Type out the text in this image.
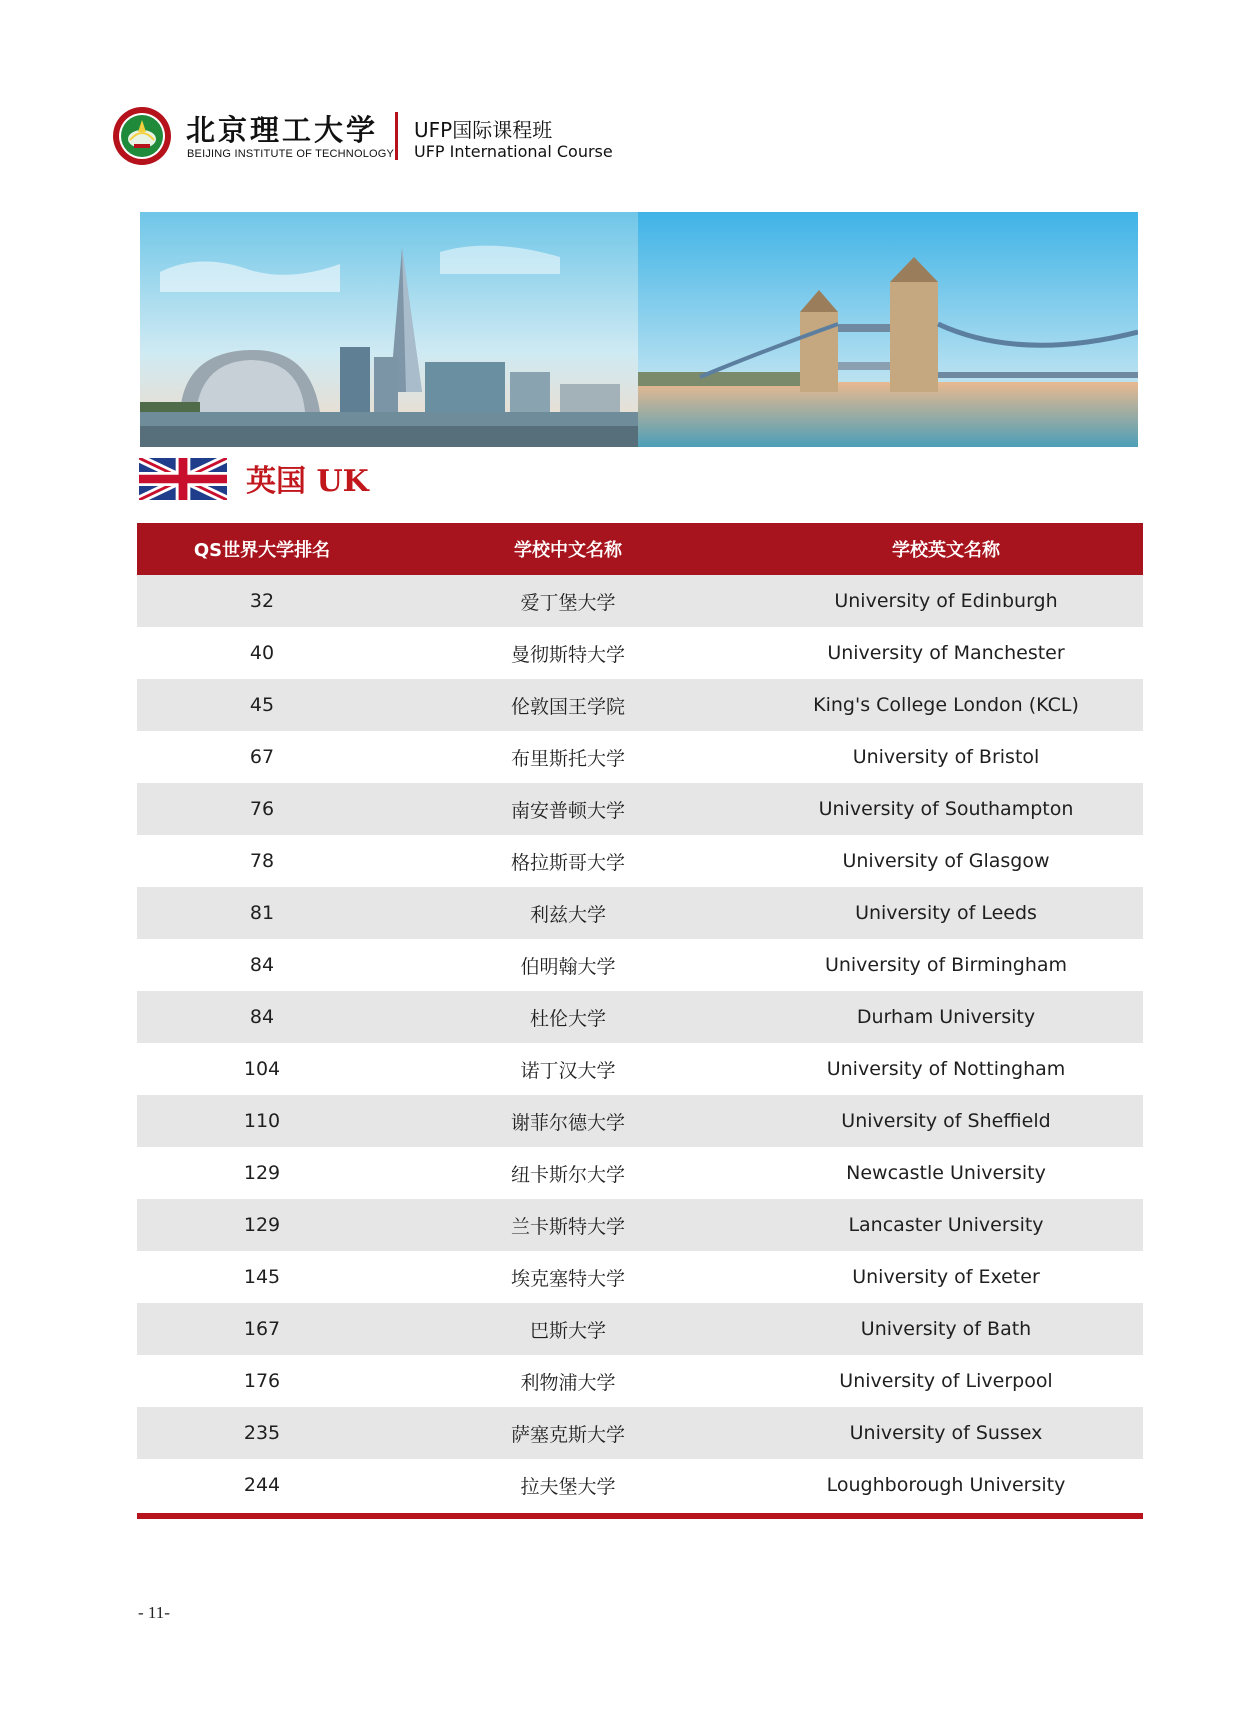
北京理工大学
BEIJING INSTITUTE OF TECHNOLOGY
UFP国际课程班
UFP International Course
英国 UK
QS世界大学排名	学校中文名称	学校英文名称
32	爱丁堡大学	University of Edinburgh
40	曼彻斯特大学	University of Manchester
45	伦敦国王学院	King's College London (KCL)
67	布里斯托大学	University of Bristol
76	南安普顿大学	University of Southampton
78	格拉斯哥大学	University of Glasgow
81	利兹大学	University of Leeds
84	伯明翰大学	University of Birmingham
84	杜伦大学	Durham University
104	诺丁汉大学	University of Nottingham
110	谢菲尔德大学	University of Sheffield
129	纽卡斯尔大学	Newcastle University
129	兰卡斯特大学	Lancaster University
145	埃克塞特大学	University of Exeter
167	巴斯大学	University of Bath
176	利物浦大学	University of Liverpool
235	萨塞克斯大学	University of Sussex
244	拉夫堡大学	Loughborough University
- 11-
